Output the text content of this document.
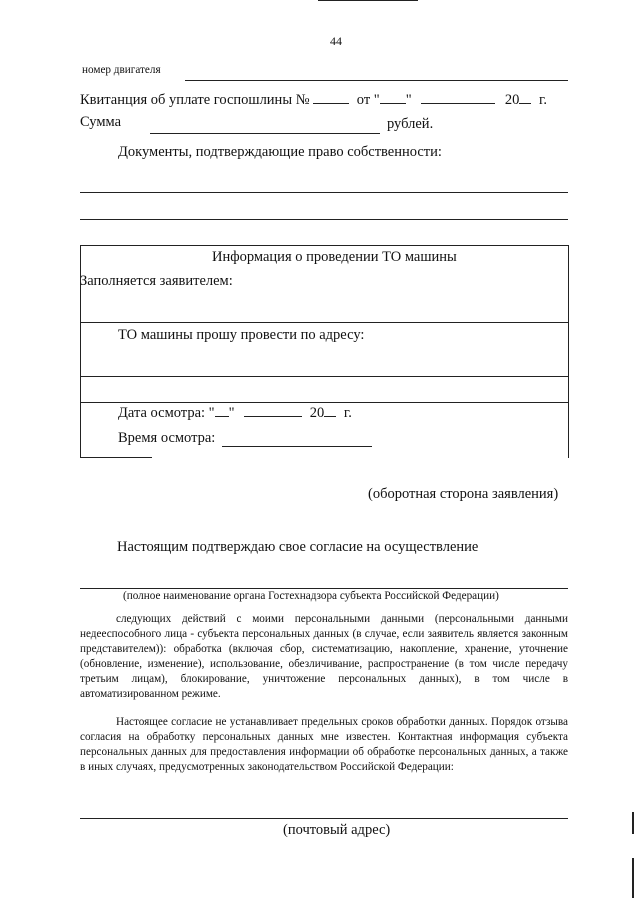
44
номер двигателя
Квитанция об уплате госпошлины №	от " "	20 г.
Сумма	рублей.
Документы, подтверждающие право собственности:
Информация о проведении ТО машины
Заполняется заявителем:
ТО машины прошу провести по адресу:
Дата осмотра: " "	20 г.
Время осмотра:
(оборотная сторона заявления)
Настоящим подтверждаю свое согласие на осуществление
(полное наименование органа Гостехнадзора субъекта Российской Федерации)
следующих действий с моими персональными данными (персональными данными недееспособного лица - субъекта персональных данных (в случае, если заявитель является законным представителем)): обработка (включая сбор, систематизацию, накопление, хранение, уточнение (обновление, изменение), использование, обезличивание, распространение (в том числе передачу третьим лицам), блокирование, уничтожение персональных данных), в том числе в автоматизированном режиме.
Настоящее согласие не устанавливает предельных сроков обработки данных. Порядок отзыва согласия на обработку персональных данных мне известен. Контактная информация субъекта персональных данных для предоставления информации об обработке персональных данных, а также в иных случаях, предусмотренных законодательством Российской Федерации:
(почтовый адрес)
